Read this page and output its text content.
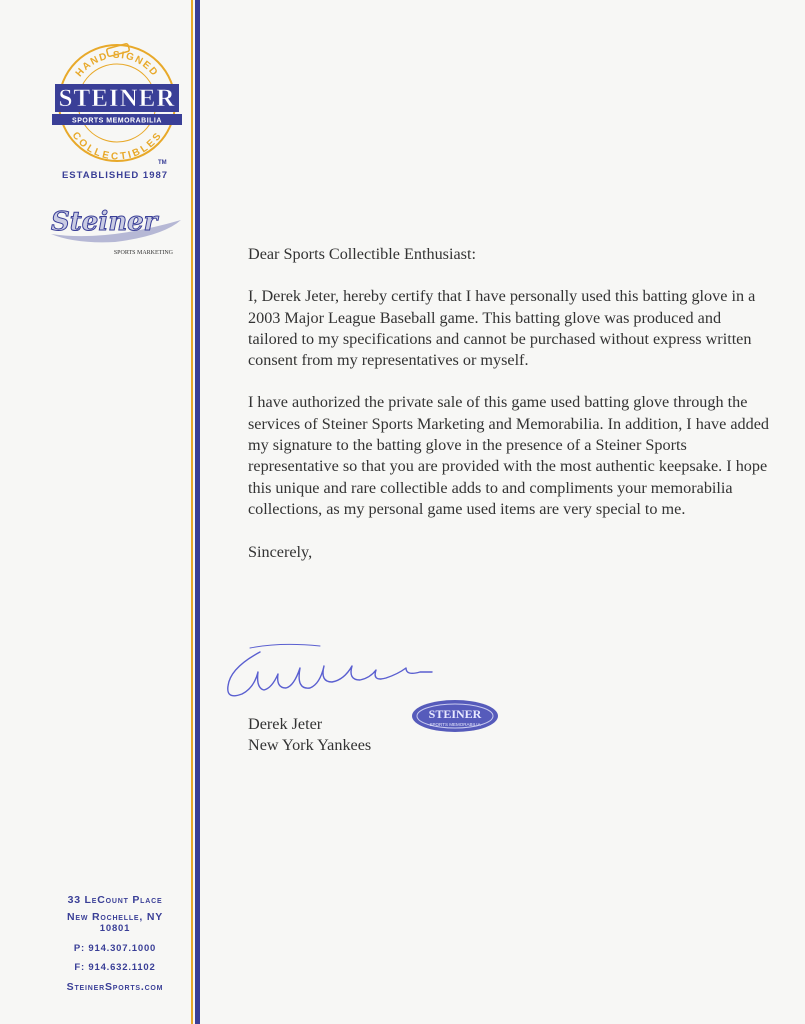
HAND SIGNED
COLLECTIBLES
STEINER
SPORTS MEMORABILIA
TM
ESTABLISHED 1987
Steiner
SPORTS MARKETING
33 LeCount Place
New Rochelle, NY
10801
P: 914.307.1000
F: 914.632.1102
SteinerSports.com

Dear Sports Collectible Enthusiast:

I, Derek Jeter, hereby certify that I have personally used this batting glove in a 2003 Major League Baseball game. This batting glove was produced and tailored to my specifications and cannot be purchased without express written consent from my representatives or myself.

I have authorized the private sale of this game used batting glove through the services of Steiner Sports Marketing and Memorabilia. In addition, I have added my signature to the batting glove in the presence of a Steiner Sports representative so that you are provided with the most authentic keepsake. I hope this unique and rare collectible adds to and compliments your memorabilia collections, as my personal game used items are very special to me.

Sincerely,

STEINER
SPORTS MEMORABILIA
Derek Jeter
New York Yankees
